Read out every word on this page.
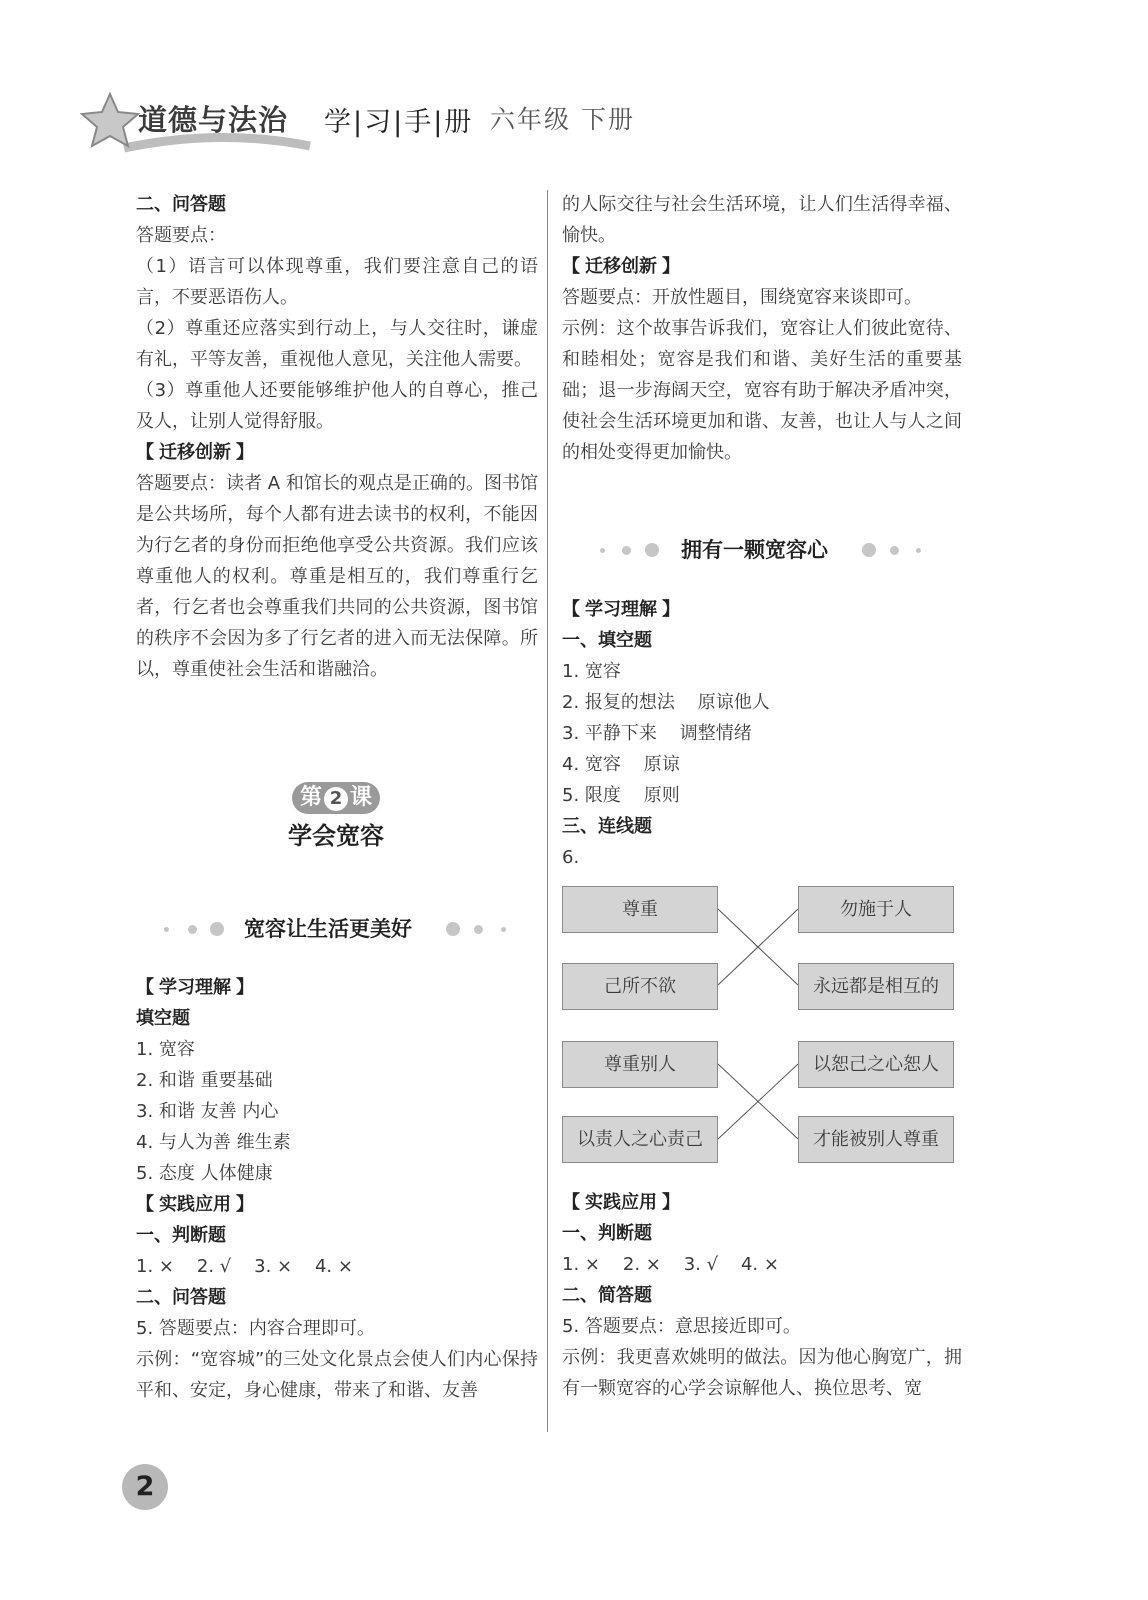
道德与法治 学|习|手|册 六年级 下册

二、问答题

答题要点：

（1）语言可以体现尊重，我们要注意自己的语言，不要恶语伤人。

（2）尊重还应落实到行动上，与人交往时，谦虚有礼，平等友善，重视他人意见，关注他人需要。

（3）尊重他人还要能够维护他人的自尊心，推己及人，让别人觉得舒服。

【 迁移创新 】

答题要点：读者 A 和馆长的观点是正确的。图书馆是公共场所，每个人都有进去读书的权利，不能因为行乞者的身份而拒绝他享受公共资源。我们应该尊重他人的权利。尊重是相互的，我们尊重行乞者，行乞者也会尊重我们共同的公共资源，图书馆的秩序不会因为多了行乞者的进入而无法保障。所以，尊重使社会生活和谐融洽。

第 2 课
学会宽容
宽容让生活更美好

【 学习理解 】

填空题

1. 宽容

2. 和谐 重要基础

3. 和谐 友善 内心

4. 与人为善 维生素

5. 态度 人体健康

【 实践应用 】

一、判断题

1. ×    2. √    3. ×    4. ×

二、问答题

5. 答题要点：内容合理即可。

示例：“宽容城”的三处文化景点会使人们内心保持平和、安定，身心健康，带来了和谐、友善

的人际交往与社会生活环境，让人们生活得幸福、愉快。

【 迁移创新 】

答题要点：开放性题目，围绕宽容来谈即可。

示例：这个故事告诉我们，宽容让人们彼此宽待、和睦相处；宽容是我们和谐、美好生活的重要基础；退一步海阔天空，宽容有助于解决矛盾冲突，使社会生活环境更加和谐、友善，也让人与人之间的相处变得更加愉快。

拥有一颗宽容心

【 学习理解 】

一、填空题

1. 宽容

2. 报复的想法    原谅他人

3. 平静下来    调整情绪

4. 宽容    原谅

5. 限度    原则

三、连线题

6.

尊重
己所不欲
勿施于人
永远都是相互的
尊重别人
以责人之心责己
以恕己之心恕人
才能被别人尊重

【 实践应用 】

一、判断题

1. ×    2. ×    3. √    4. ×

二、简答题

5. 答题要点：意思接近即可。

示例：我更喜欢姚明的做法。因为他心胸宽广，拥有一颗宽容的心学会谅解他人、换位思考、宽

2
